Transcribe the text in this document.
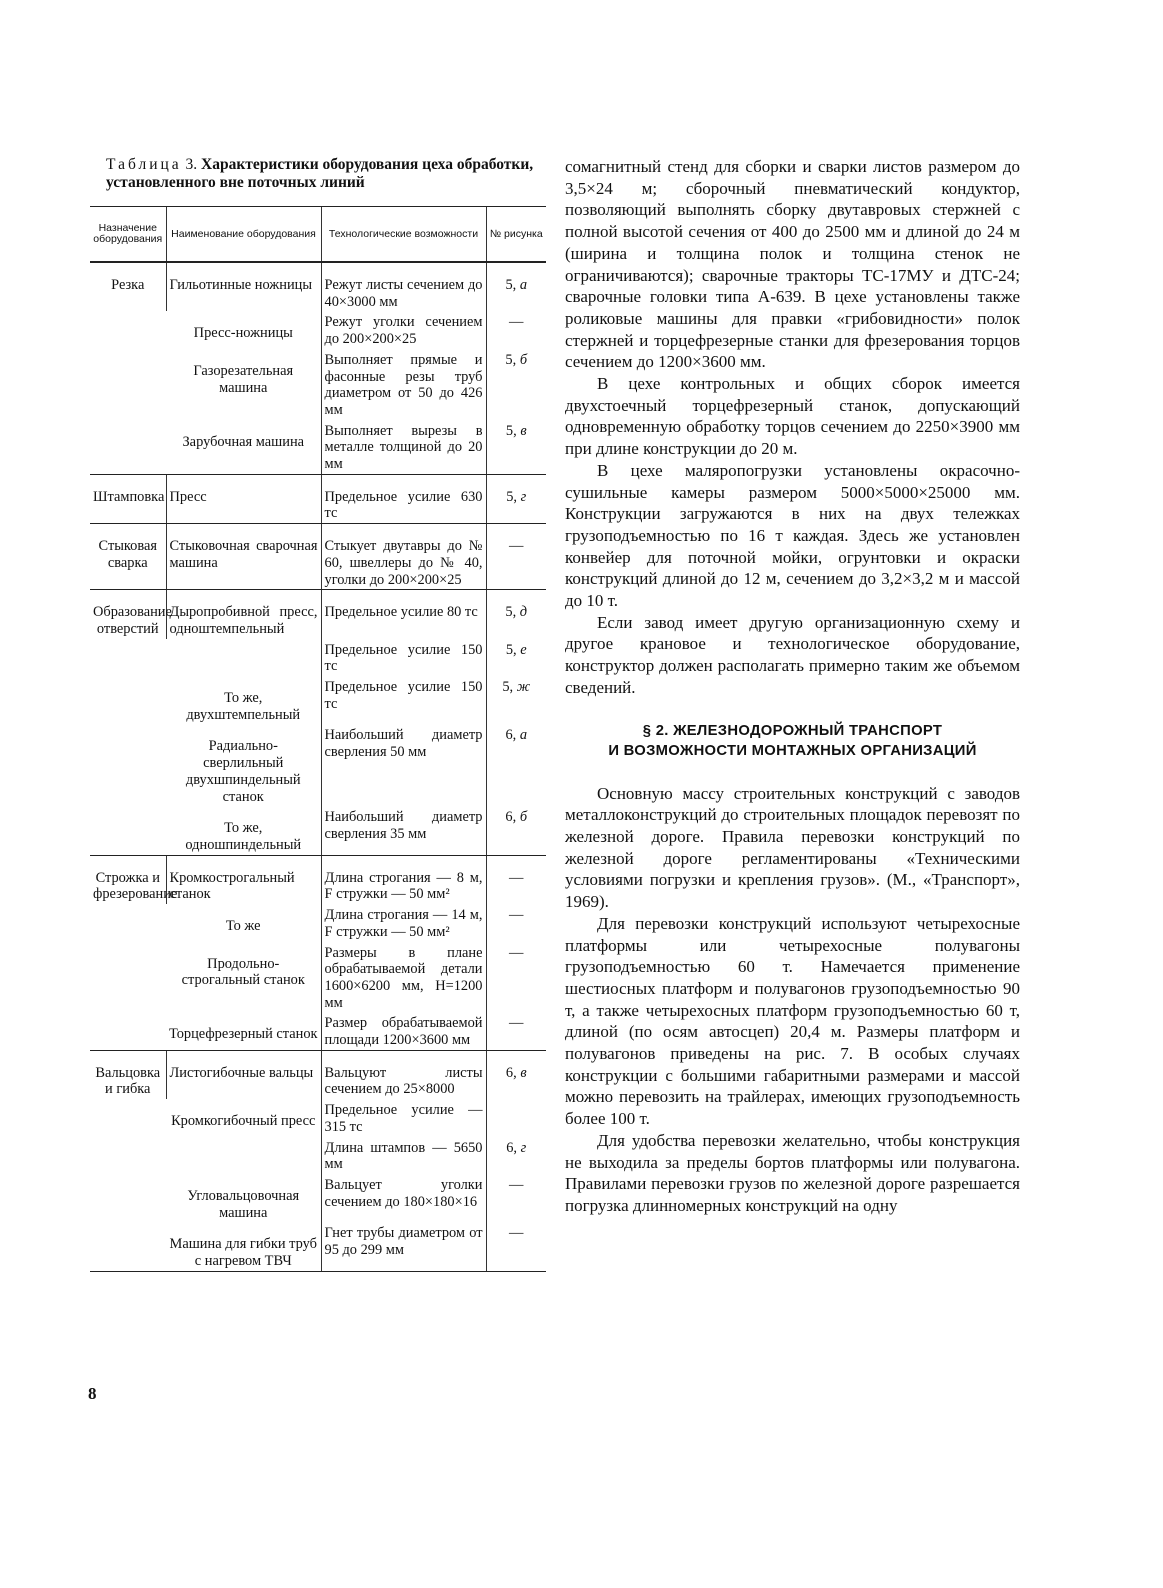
Таблица 3. Характеристики оборудования цеха обработки, установленного вне поточных линий
Назначение оборудования	Наименование оборудования	Технологические возможности	№ рисунка
Резка	Гильотинные ножницы	Режут листы сечением до 40×3000 мм	5, а
	Пресс-ножницы	Режут уголки сечением до 200×200×25	—
	Газорезательная машина	Выполняет прямые и фасонные резы труб диаметром от 50 до 426 мм	5, б
	Зарубочная машина	Выполняет вырезы в металле толщиной до 20 мм	5, в
Штамповка	Пресс	Предельное усилие 630 тс	5, г
Стыковая сварка	Стыковочная сварочная машина	Стыкует двутавры до № 60, швеллеры до № 40, уголки до 200×200×25	—
Образование отверстий	Дыропробивной пресс, одноштемпельный	Предельное усилие 80 тс	5, д
		Предельное усилие 150 тс	5, е
	То же, двухштемпельный	Предельное усилие 150 тс	5, ж
	Радиально-сверлильный двухшпиндельный станок	Наибольший диаметр сверления 50 мм	6, а
	То же, одношпиндельный	Наибольший диаметр сверления 35 мм	6, б
Строжка и фрезерование	Кромкострогальный станок	Длина строгания — 8 м, F стружки — 50 мм²	—
	То же	Длина строгания — 14 м, F стружки — 50 мм²	—
	Продольно-строгальный станок	Размеры в плане обрабатываемой детали 1600×6200 мм, H=1200 мм	—
	Торцефрезерный станок	Размер обрабатываемой площади 1200×3600 мм	—
Вальцовка и гибка	Листогибочные вальцы	Вальцуют листы сечением до 25×8000	6, в
	Кромкогибочный пресс	Предельное усилие — 315 тс	
		Длина штампов — 5650 мм	6, г
	Угловальцовочная машина	Вальцует уголки сечением до 180×180×16	—
	Машина для гибки труб с нагревом ТВЧ	Гнет трубы диаметром от 95 до 299 мм	—
8

сомагнитный стенд для сборки и сварки листов размером до 3,5×24 м; сборочный пневматический кондуктор, позволяющий выполнять сборку двутавровых стержней с полной высотой сечения от 400 до 2500 мм и длиной до 24 м (ширина и толщина полок и толщина стенок не ограничиваются); сварочные тракторы ТС-17МУ и ДТС-24; сварочные головки типа А-639. В цехе установлены также роликовые машины для правки «грибовидности» полок стержней и торцефрезерные станки для фрезерования торцов сечением до 1200×3600 мм.

В цехе контрольных и общих сборок имеется двухстоечный торцефрезерный станок, допускающий одновременную обработку торцов сечением до 2250×3900 мм при длине конструкции до 20 м.

В цехе маляропогрузки установлены окрасочно-сушильные камеры размером 5000×5000×25000 мм. Конструкции загружаются в них на двух тележках грузоподъемностью по 16 т каждая. Здесь же установлен конвейер для поточной мойки, огрунтовки и окраски конструкций длиной до 12 м, сечением до 3,2×3,2 м и массой до 10 т.

Если завод имеет другую организационную схему и другое крановое и технологическое оборудование, конструктор должен располагать примерно таким же объемом сведений.

§ 2. ЖЕЛЕЗНОДОРОЖНЫЙ ТРАНСПОРТ
И ВОЗМОЖНОСТИ МОНТАЖНЫХ ОРГАНИЗАЦИЙ

Основную массу строительных конструкций с заводов металлоконструкций до строительных площадок перевозят по железной дороге. Правила перевозки конструкций по железной дороге регламентированы «Техническими условиями погрузки и крепления грузов». (М., «Транспорт», 1969).

Для перевозки конструкций используют четырехосные платформы или четырехосные полувагоны грузоподъемностью 60 т. Намечается применение шестиосных платформ и полувагонов грузоподъемностью 90 т, а также четырехосных платформ грузоподъемностью 60 т, длиной (по осям автосцеп) 20,4 м. Размеры платформ и полувагонов приведены на рис. 7. В особых случаях конструкции с большими габаритными размерами и массой можно перевозить на трайлерах, имеющих грузоподъемность более 100 т.

Для удобства перевозки желательно, чтобы конструкция не выходила за пределы бортов платформы или полувагона. Правилами перевозки грузов по железной дороге разрешается погрузка длинномерных конструкций на одну
